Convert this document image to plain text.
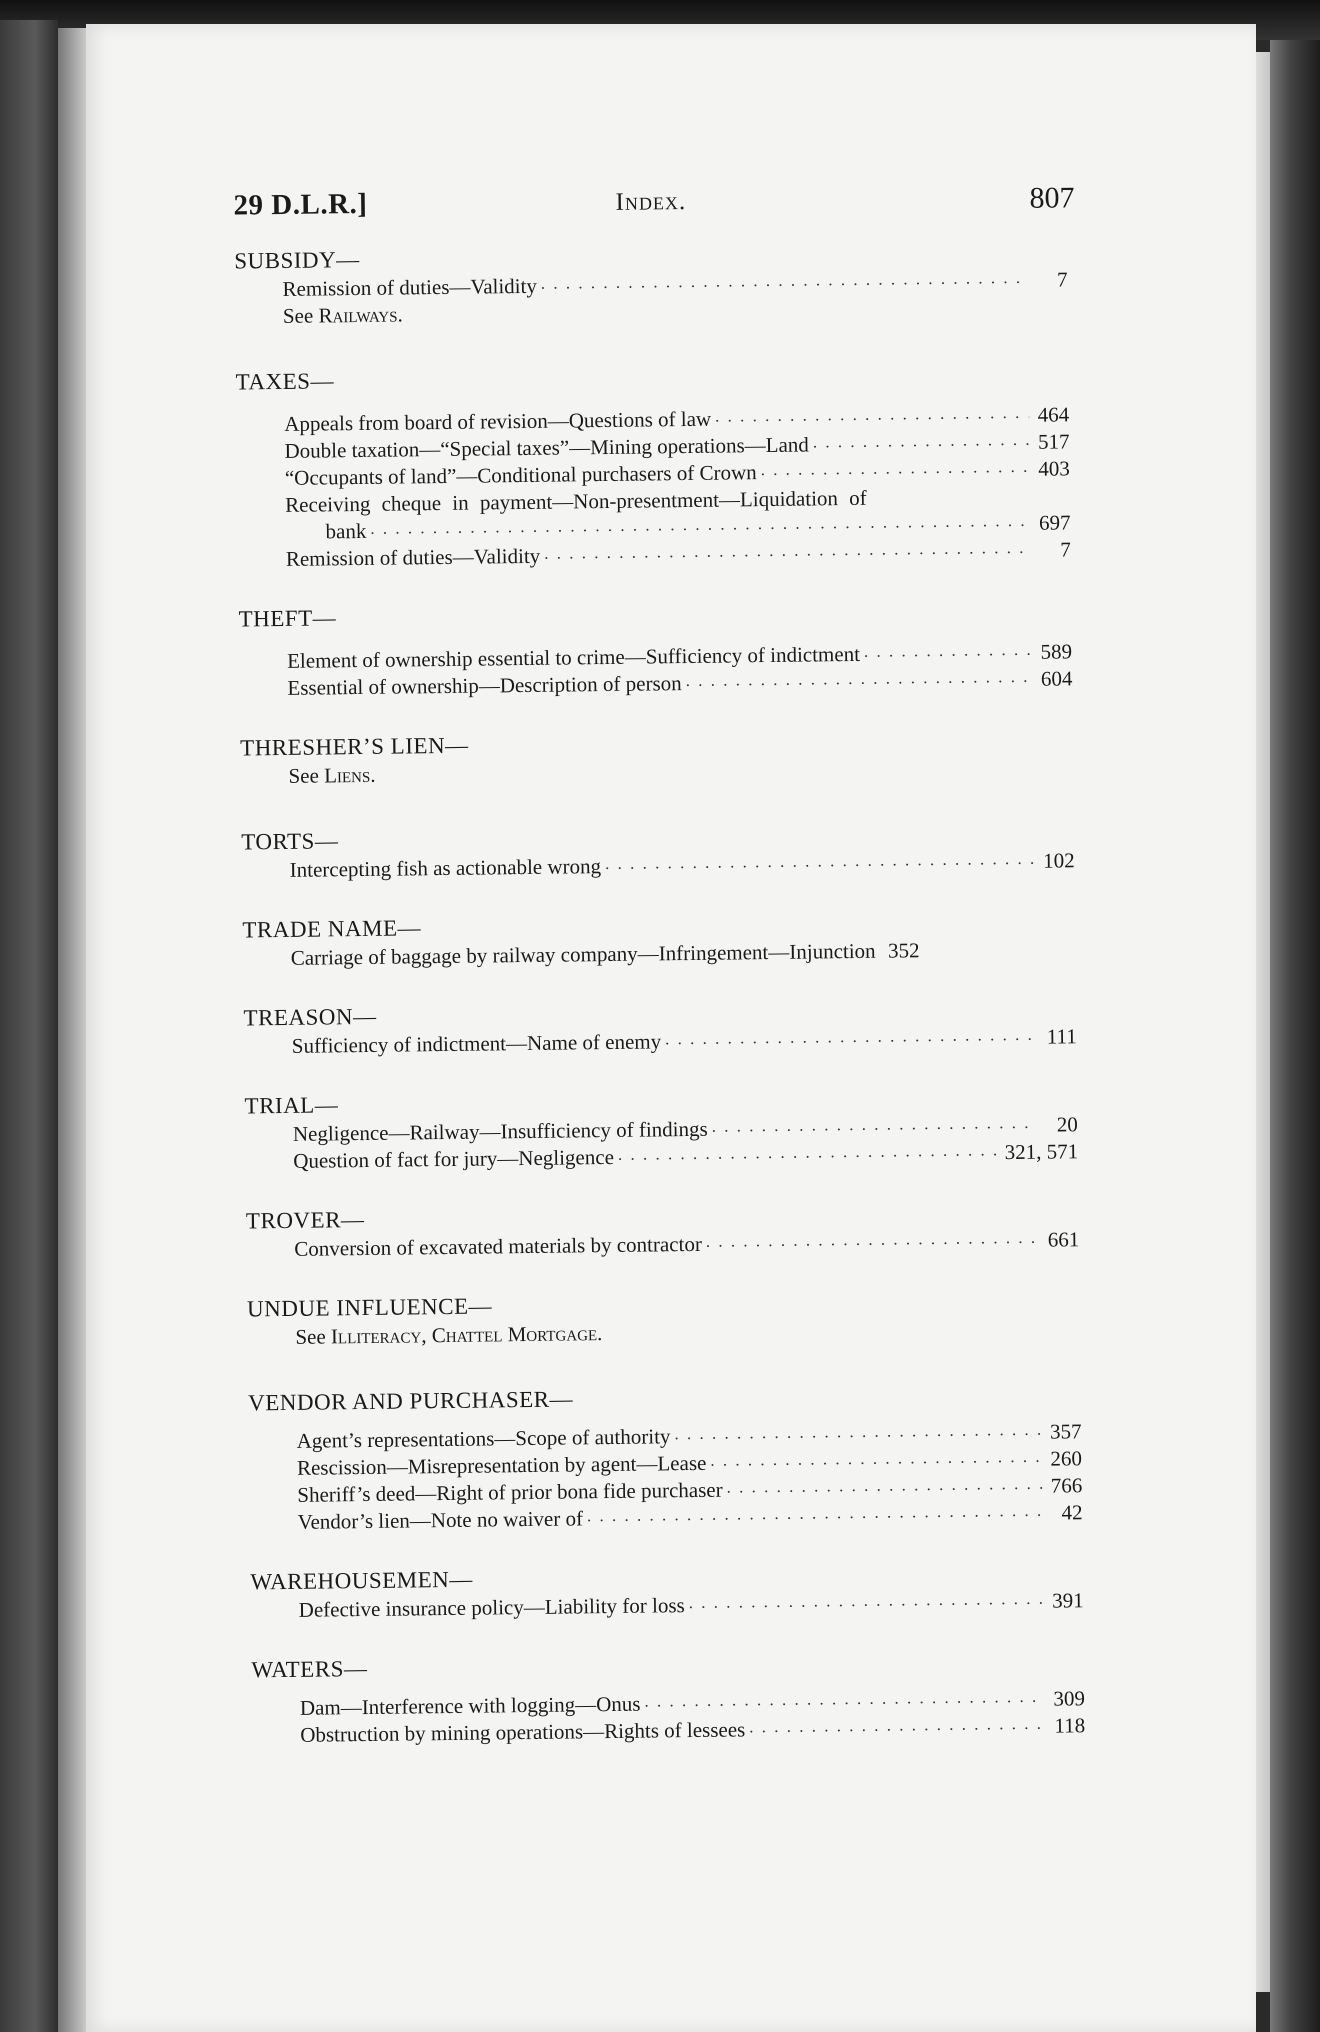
29 D.L.R.]	Index.	807
SUBSIDY—
Remission of duties—Validity . . .	7
See Railways.
TAXES—
Appeals from board of revision—Questions of law . . .	464
Double taxation—“Special taxes”—Mining operations—Land . . .	517
“Occupants of land”—Conditional purchasers of Crown . . .	403
Receiving cheque in payment—Non-presentment—Liquidation of
bank . . .	697
Remission of duties—Validity . . .	7
THEFT—
Element of ownership essential to crime—Sufficiency of indictment . . .	589
Essential of ownership—Description of person . . .	604
THRESHER’S LIEN—
See Liens.
TORTS—
Intercepting fish as actionable wrong . . .	102
TRADE NAME—
Carriage of baggage by railway company—Infringement—Injunction 352
TREASON—
Sufficiency of indictment—Name of enemy . . .	111
TRIAL—
Negligence—Railway—Insufficiency of findings . . .	20
Question of fact for jury—Negligence . . .	321, 571
TROVER—
Conversion of excavated materials by contractor . . .	661
UNDUE INFLUENCE—
See Illiteracy, Chattel Mortgage.
VENDOR AND PURCHASER—
Agent’s representations—Scope of authority . . .	357
Rescission—Misrepresentation by agent—Lease . . .	260
Sheriff’s deed—Right of prior bona fide purchaser . . .	766
Vendor’s lien—Note no waiver of . . .	42
WAREHOUSEMEN—
Defective insurance policy—Liability for loss . . .	391
WATERS—
Dam—Interference with logging—Onus . . .	309
Obstruction by mining operations—Rights of lessees . . .	118
